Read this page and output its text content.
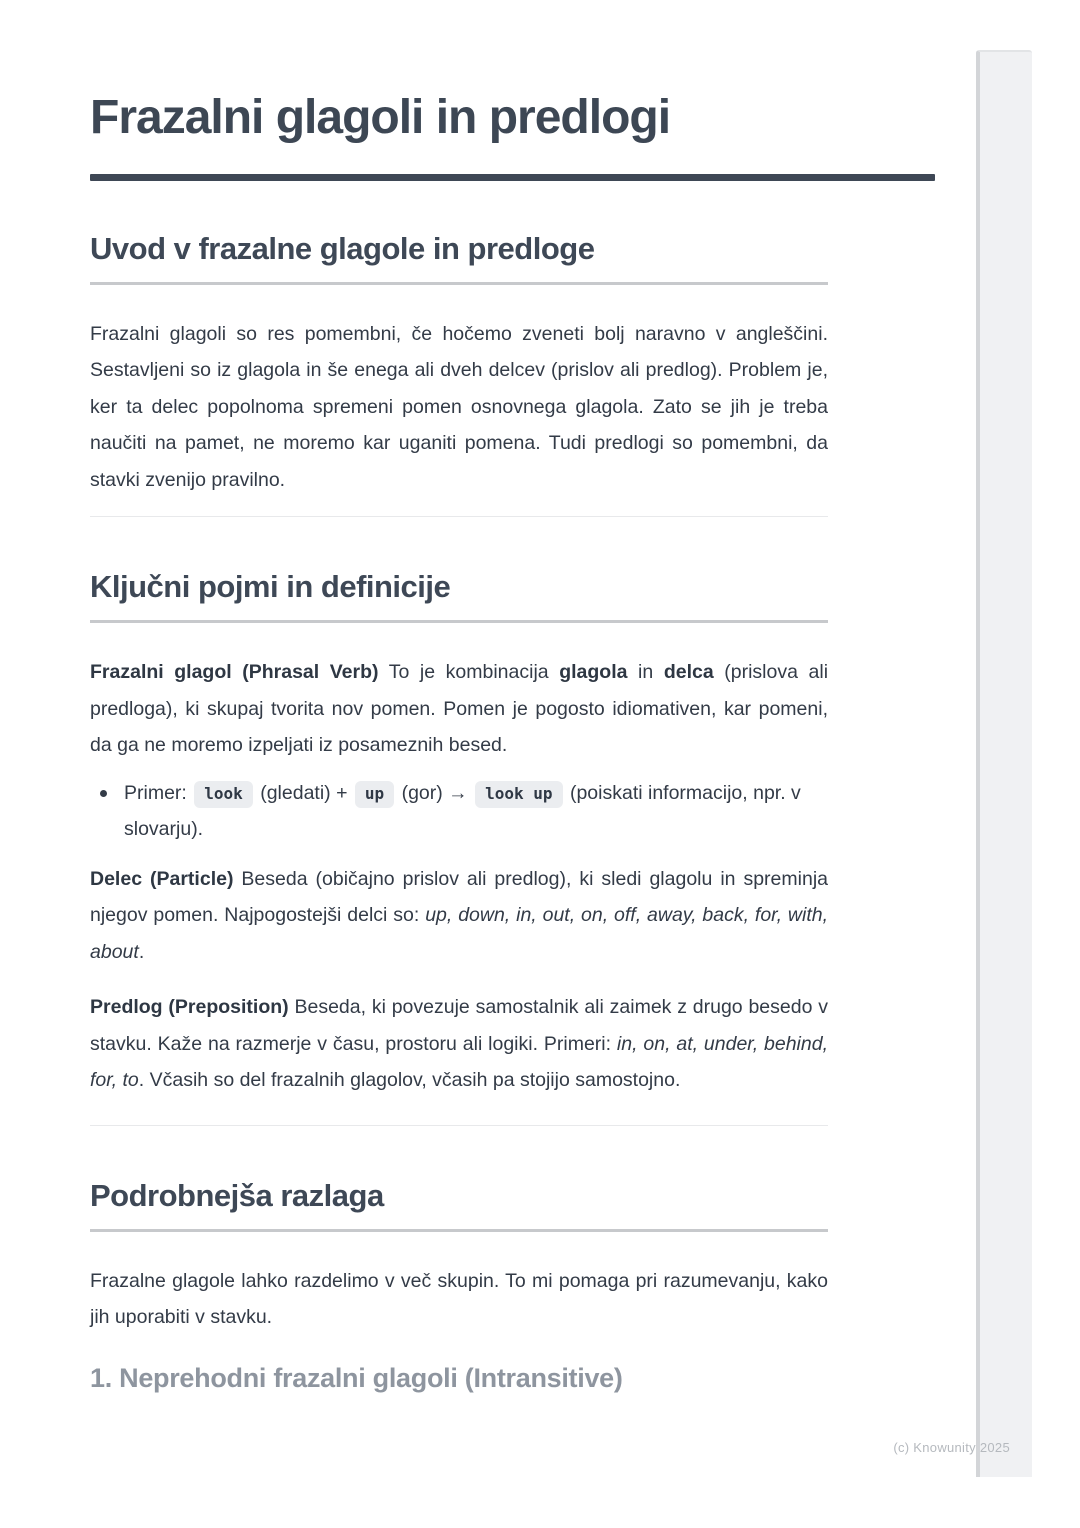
(c) Knowunity 2025
Frazalni glagoli in predlogi
Uvod v frazalne glagole in predloge

Frazalni glagoli so res pomembni, če hočemo zveneti bolj naravno v angleščini. Sestavljeni so iz glagola in še enega ali dveh delcev (prislov ali predlog). Problem je, ker ta delec popolnoma spremeni pomen osnovnega glagola. Zato se jih je treba naučiti na pamet, ne moremo kar uganiti pomena. Tudi predlogi so pomembni, da stavki zvenijo pravilno.

Ključni pojmi in definicije

Frazalni glagol (Phrasal Verb) To je kombinacija glagola in delca (prislova ali predloga), ki skupaj tvorita nov pomen. Pomen je pogosto idiomativen, kar pomeni, da ga ne moremo izpeljati iz posameznih besed.

Primer: look (gledati) + up (gor) → look up (poiskati informacijo, npr. v slovarju).

Delec (Particle) Beseda (običajno prislov ali predlog), ki sledi glagolu in spreminja njegov pomen. Najpogostejši delci so: up, down, in, out, on, off, away, back, for, with, about.

Predlog (Preposition) Beseda, ki povezuje samostalnik ali zaimek z drugo besedo v stavku. Kaže na razmerje v času, prostoru ali logiki. Primeri: in, on, at, under, behind, for, to. Včasih so del frazalnih glagolov, včasih pa stojijo samostojno.

Podrobnejša razlaga

Frazalne glagole lahko razdelimo v več skupin. To mi pomaga pri razumevanju, kako jih uporabiti v stavku.

1. Neprehodni frazalni glagoli (Intransitive)
